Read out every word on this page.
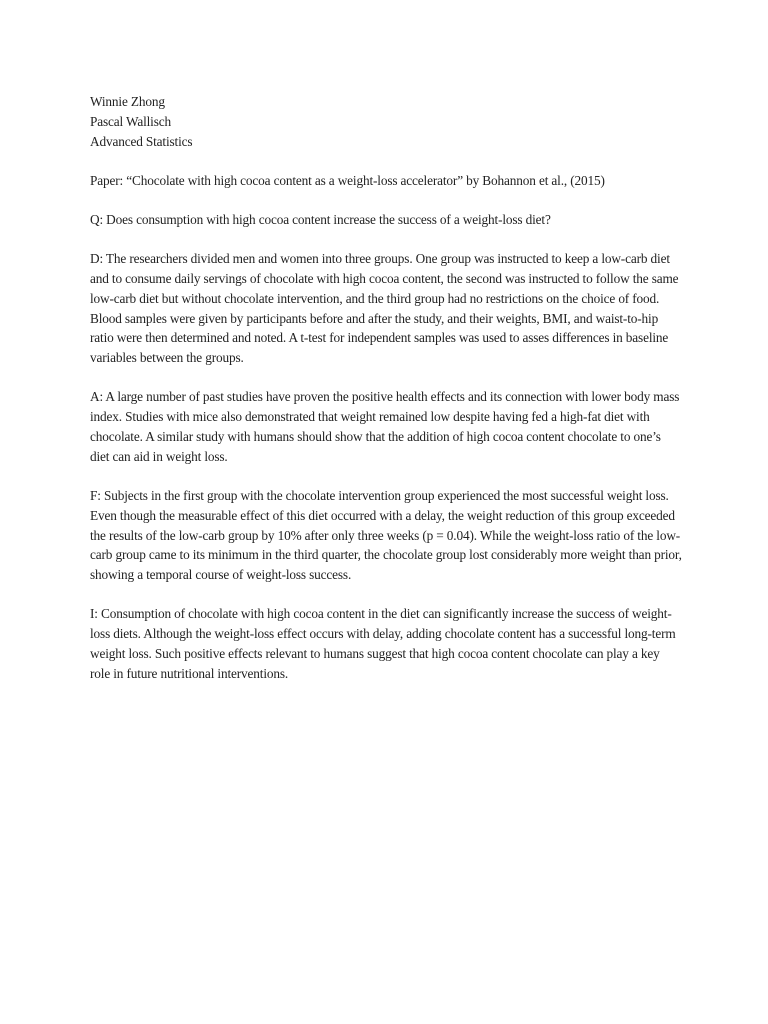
Winnie Zhong
Pascal Wallisch
Advanced Statistics

Paper: “Chocolate with high cocoa content as a weight-loss accelerator” by Bohannon et al., (2015)

Q: Does consumption with high cocoa content increase the success of a weight-loss diet?

D: The researchers divided men and women into three groups. One group was instructed to keep a low-carb diet and to consume daily servings of chocolate with high cocoa content, the second was instructed to follow the same low-carb diet but without chocolate intervention, and the third group had no restrictions on the choice of food. Blood samples were given by participants before and after the study, and their weights, BMI, and waist-to-hip ratio were then determined and noted. A t-test for independent samples was used to asses differences in baseline variables between the groups.

A: A large number of past studies have proven the positive health effects and its connection with lower body mass index. Studies with mice also demonstrated that weight remained low despite having fed a high-fat diet with chocolate. A similar study with humans should show that the addition of high cocoa content chocolate to one’s diet can aid in weight loss.

F: Subjects in the first group with the chocolate intervention group experienced the most successful weight loss. Even though the measurable effect of this diet occurred with a delay, the weight reduction of this group exceeded the results of the low-carb group by 10% after only three weeks (p = 0.04). While the weight-loss ratio of the low-carb group came to its minimum in the third quarter, the chocolate group lost considerably more weight than prior, showing a temporal course of weight-loss success.

I: Consumption of chocolate with high cocoa content in the diet can significantly increase the success of weight-loss diets. Although the weight-loss effect occurs with delay, adding chocolate content has a successful long-term weight loss. Such positive effects relevant to humans suggest that high cocoa content chocolate can play a key role in future nutritional interventions.
